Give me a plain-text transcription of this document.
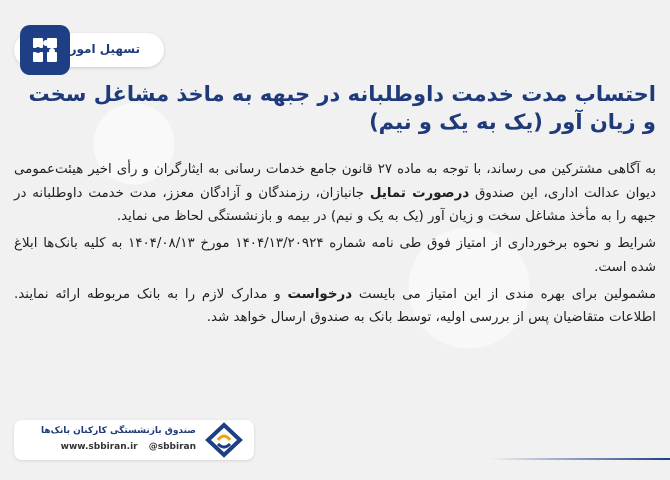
تسهیل امور
احتساب مدت خدمت داوطلبانه در جبهه به ماخذ مشاغل سخت و زیان آور (یک به یک و نیم)

به آگاهی مشترکین می رساند، با توجه به ماده ۲۷ قانون جامع خدمات رسانی به ایثارگران و رأی اخیر هیئت‌عمومی دیوان عدالت اداری، این صندوق درصورت تمایل جانبازان، رزمندگان و آزادگان معزز، مدت خدمت داوطلبانه در جبهه را به مأخذ مشاغل سخت و زیان آور (یک به یک و نیم) در بیمه و بازنشستگی لحاظ می نماید.

شرایط و نحوه برخورداری از امتیاز فوق طی نامه شماره ۱۴۰۴/۱۳/۲۰۹۲۴ مورخ ۱۴۰۴/۰۸/۱۳ به کلیه بانک‌ها ابلاغ شده است.

مشمولین برای بهره مندی از این امتیاز می بایست درخواست و مدارک لازم را به بانک مربوطه ارائه نمایند. اطلاعات متقاضیان پس از بررسی اولیه، توسط بانک به صندوق ارسال خواهد شد.

صندوق بازنشستگی کارکنان بانک‌ها
www.sbbiran.ir @sbbiran
